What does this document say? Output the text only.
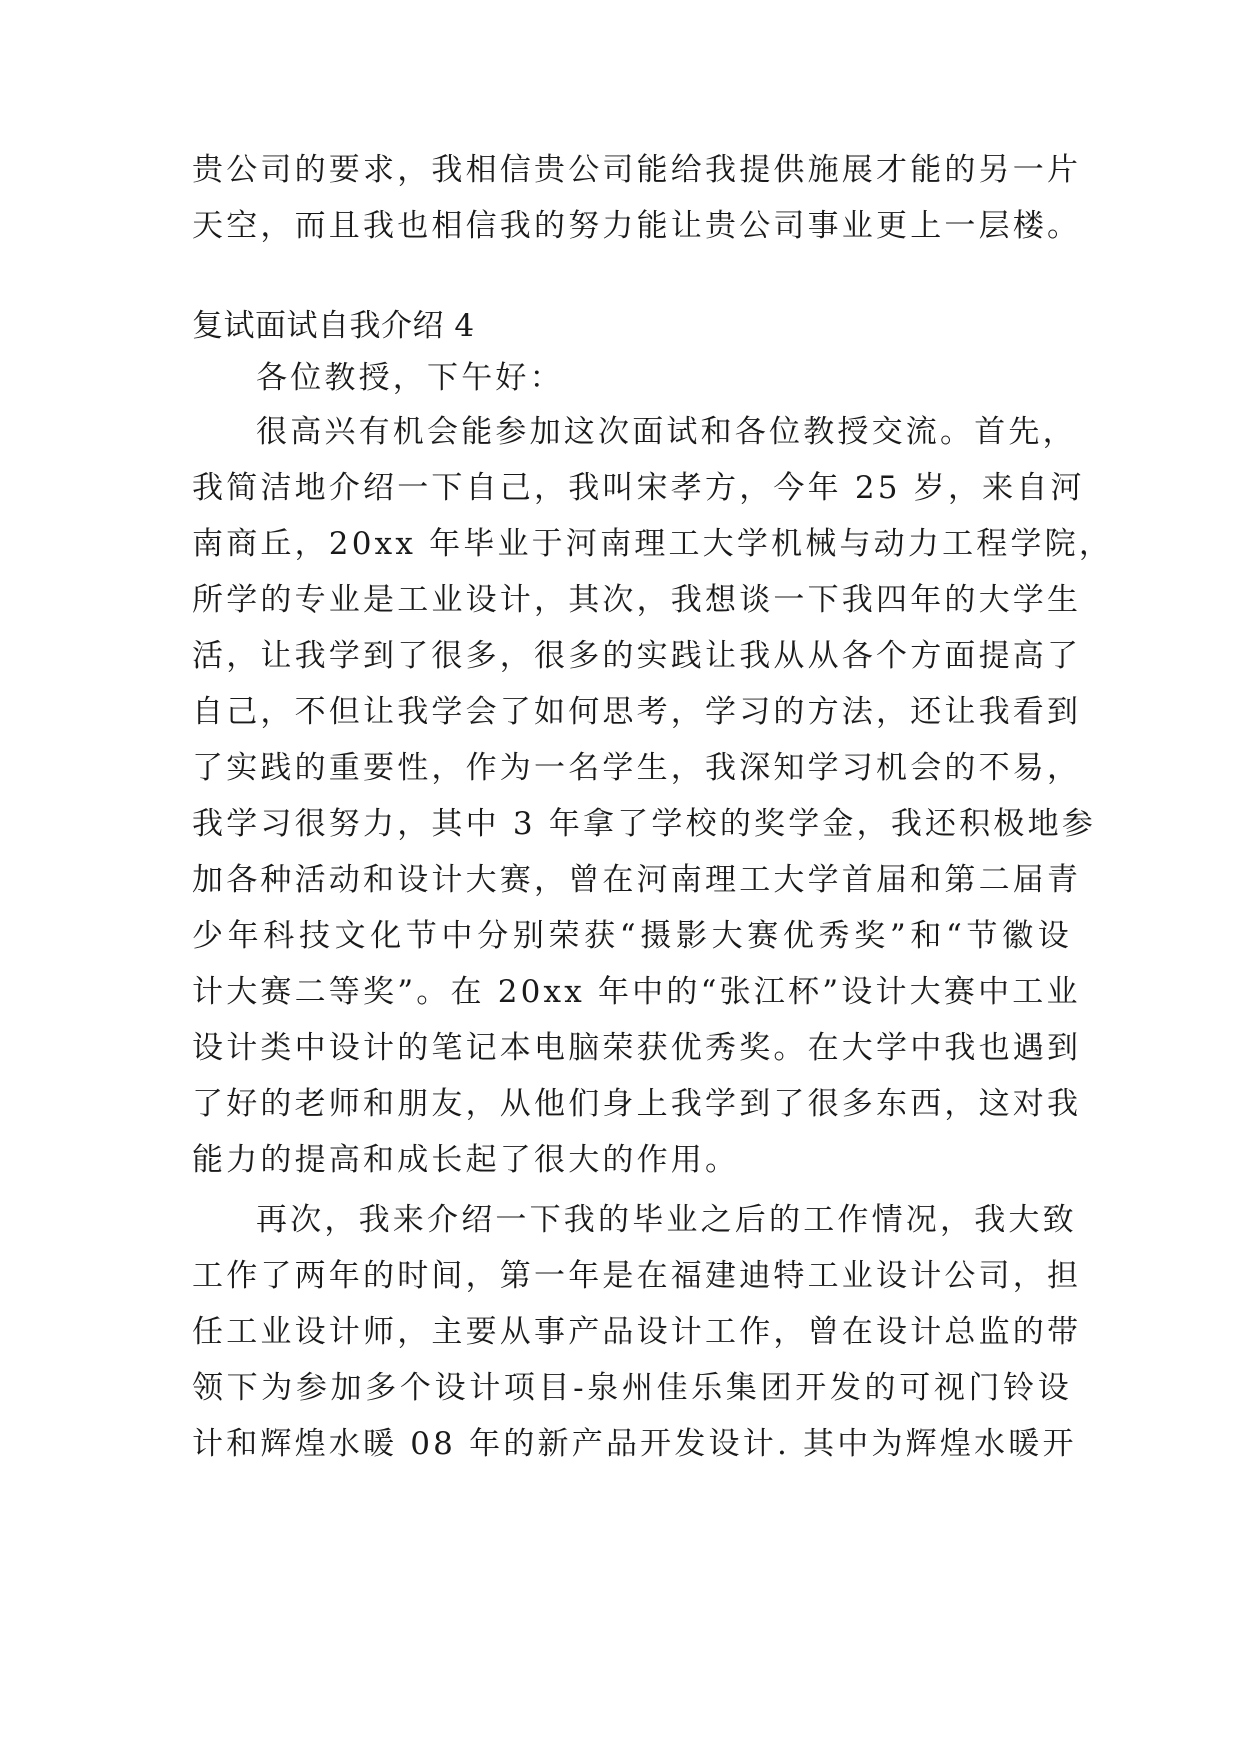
贵公司的要求，我相信贵公司能给我提供施展才能的另一片
天空，而且我也相信我的努力能让贵公司事业更上一层楼。
复试面试自我介绍 4
各位教授，下午好：
很高兴有机会能参加这次面试和各位教授交流。首先，
我简洁地介绍一下自己，我叫宋孝方，今年 25 岁，来自河
南商丘，20xx 年毕业于河南理工大学机械与动力工程学院，
所学的专业是工业设计，其次，我想谈一下我四年的大学生
活，让我学到了很多，很多的实践让我从从各个方面提高了
自己，不但让我学会了如何思考，学习的方法，还让我看到
了实践的重要性，作为一名学生，我深知学习机会的不易，
我学习很努力，其中 3 年拿了学校的奖学金，我还积极地参
加各种活动和设计大赛，曾在河南理工大学首届和第二届青
少年科技文化节中分别荣获“摄影大赛优秀奖”和“节徽设
计大赛二等奖”。在 20xx 年中的“张江杯”设计大赛中工业
设计类中设计的笔记本电脑荣获优秀奖。在大学中我也遇到
了好的老师和朋友，从他们身上我学到了很多东西，这对我
能力的提高和成长起了很大的作用。
再次，我来介绍一下我的毕业之后的工作情况，我大致
工作了两年的时间，第一年是在福建迪特工业设计公司，担
任工业设计师，主要从事产品设计工作，曾在设计总监的带
领下为参加多个设计项目-泉州佳乐集团开发的可视门铃设
计和辉煌水暖 08 年的新产品开发设计. 其中为辉煌水暖开
